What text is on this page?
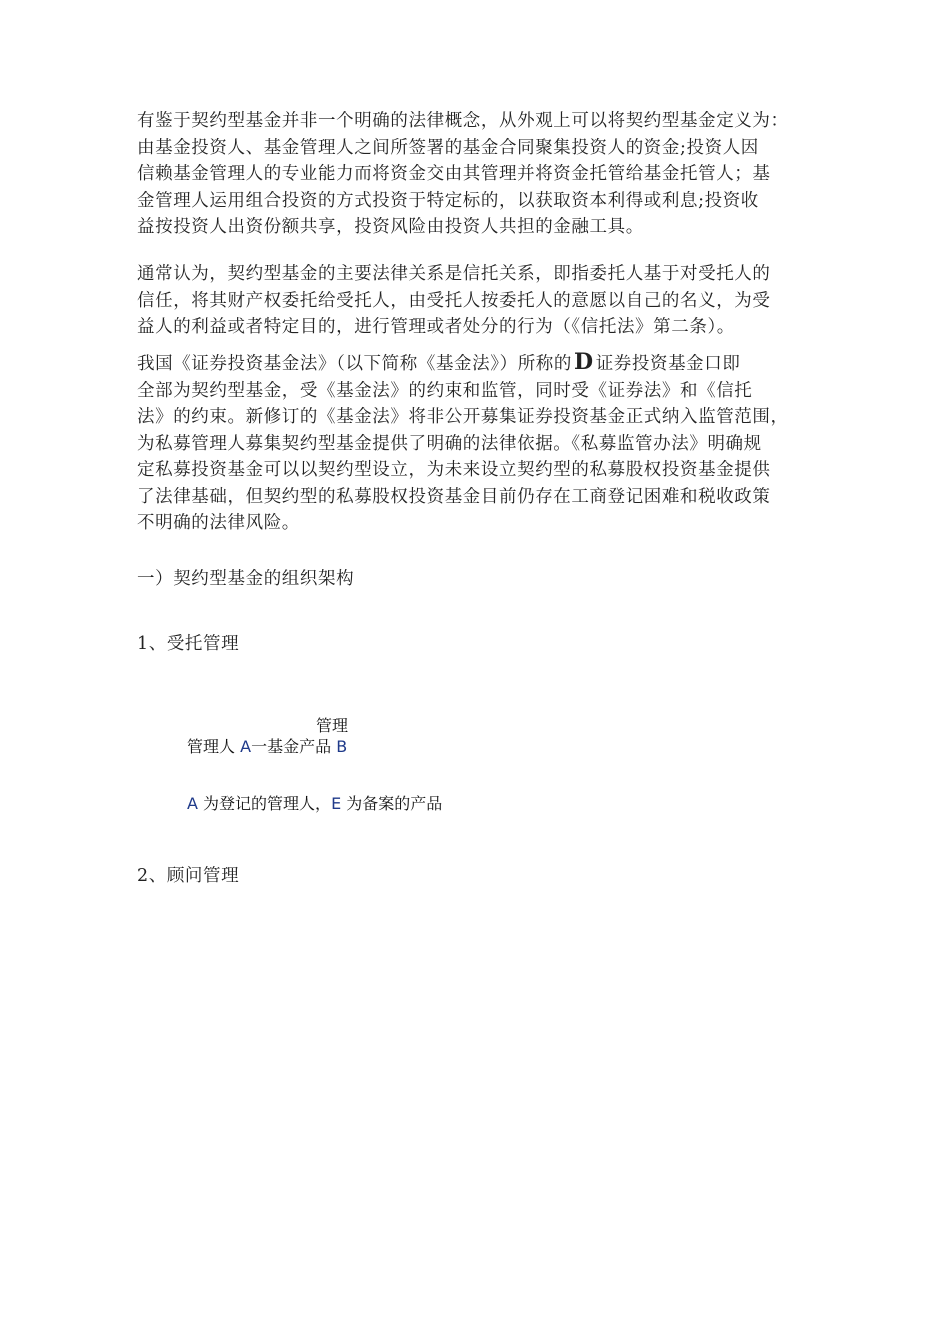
有鉴于契约型基金并非一个明确的法律概念，从外观上可以将契约型基金定义为：
由基金投资人、基金管理人之间所签署的基金合同聚集投资人的资金;投资人因
信赖基金管理人的专业能力而将资金交由其管理并将资金托管给基金托管人；基
金管理人运用组合投资的方式投资于特定标的，以获取资本利得或利息;投资收
益按投资人出资份额共享，投资风险由投资人共担的金融工具。

通常认为，契约型基金的主要法律关系是信托关系，即指委托人基于对受托人的
信任，将其财产权委托给受托人，由受托人按委托人的意愿以自己的名义，为受
益人的利益或者特定目的，进行管理或者处分的行为（《信托法》第二条）。

我国《证券投资基金法》（以下简称《基金法》）所称的D 证券投资基金口即
全部为契约型基金，受《基金法》的约束和监管，同时受《证券法》和《信托
法》的约束。新修订的《基金法》将非公开募集证券投资基金正式纳入监管范围，
为私募管理人募集契约型基金提供了明确的法律依据。《私募监管办法》明确规
定私募投资基金可以以契约型设立，为未来设立契约型的私募股权投资基金提供
了法律基础，但契约型的私募股权投资基金目前仍存在工商登记困难和税收政策
不明确的法律风险。

一）契约型基金的组织架构
1、受托管理
管理
管理人 A一基金产品 B
A 为登记的管理人，E 为备案的产品
2、顾问管理
